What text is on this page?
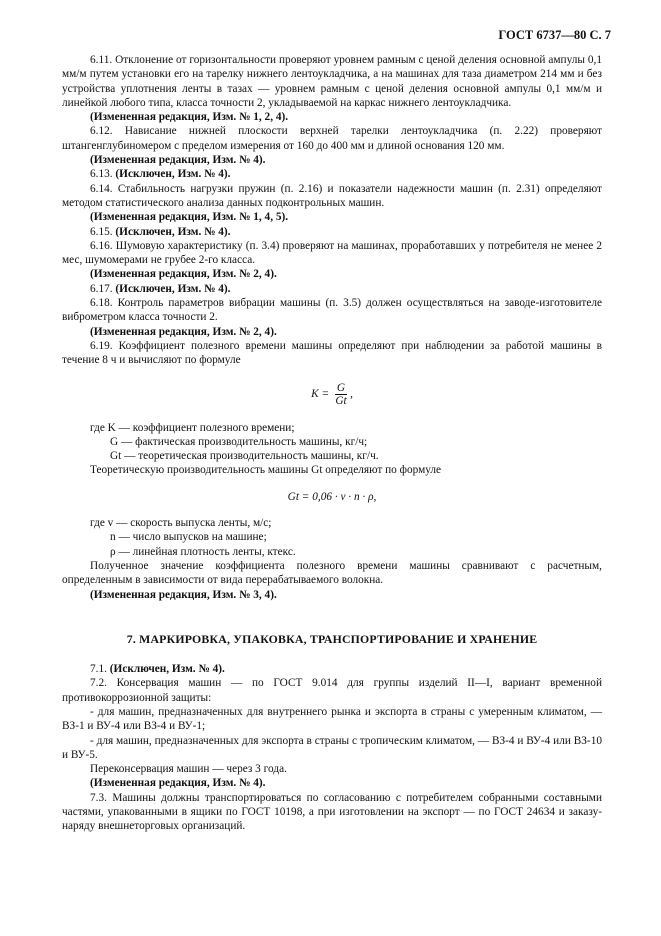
ГОСТ 6737—80 С. 7

6.11. Отклонение от горизонтальности проверяют уровнем рамным с ценой деления основной ампулы 0,1 мм/м путем установки его на тарелку нижнего лентоукладчика, а на машинах для таза диаметром 214 мм и без устройства уплотнения ленты в тазах — уровнем рамным с ценой деления основной ампулы 0,1 мм/м и линейкой любого типа, класса точности 2, укладываемой на каркас нижнего лентоукладчика.

(Измененная редакция, Изм. № 1, 2, 4).

6.12. Нависание нижней плоскости верхней тарелки лентоукладчика (п. 2.22) проверяют штангенглубиномером с пределом измерения от 160 до 400 мм и длиной основания 120 мм.

(Измененная редакция, Изм. № 4).

6.13. (Исключен, Изм. № 4).

6.14. Стабильность нагрузки пружин (п. 2.16) и показатели надежности машин (п. 2.31) определяют методом статистического анализа данных подконтрольных машин.

(Измененная редакция, Изм. № 1, 4, 5).

6.15. (Исключен, Изм. № 4).

6.16. Шумовую характеристику (п. 3.4) проверяют на машинах, проработавших у потребителя не менее 2 мес, шумомерами не грубее 2-го класса.

(Измененная редакция, Изм. № 2, 4).

6.17. (Исключен, Изм. № 4).

6.18. Контроль параметров вибрации машины (п. 3.5) должен осуществляться на заводе-изготовителе виброметром класса точности 2.

(Измененная редакция, Изм. № 2, 4).

6.19. Коэффициент полезного времени машины определяют при наблюдении за работой машины в течение 8 ч и вычисляют по формуле

$K = \frac{G}{Gt}$ ,

где K — коэффициент полезного времени;

G — фактическая производительность машины, кг/ч;

Gt — теоретическая производительность машины, кг/ч.

Теоретическую производительность машины Gt определяют по формуле

Gt = 0,06 · v · n · ρ,

где v — скорость выпуска ленты, м/с;

n — число выпусков на машине;

ρ — линейная плотность ленты, ктекс.

Полученное значение коэффициента полезного времени машины сравнивают с расчетным, определенным в зависимости от вида перерабатываемого волокна.

(Измененная редакция, Изм. № 3, 4).

7. МАРКИРОВКА, УПАКОВКА, ТРАНСПОРТИРОВАНИЕ И ХРАНЕНИЕ

7.1. (Исключен, Изм. № 4).

7.2. Консервация машин — по ГОСТ 9.014 для группы изделий II—I, вариант временной противокоррозионной защиты:

- для машин, предназначенных для внутреннего рынка и экспорта в страны с умеренным климатом, — ВЗ-1 и ВУ-4 или ВЗ-4 и ВУ-1;

- для машин, предназначенных для экспорта в страны с тропическим климатом, — ВЗ-4 и ВУ-4 или ВЗ-10 и ВУ-5.

Переконсервация машин — через 3 года.

(Измененная редакция, Изм. № 4).

7.3. Машины должны транспортироваться по согласованию с потребителем собранными составными частями, упакованными в ящики по ГОСТ 10198, а при изготовлении на экспорт — по ГОСТ 24634 и заказу-наряду внешнеторговых организаций.
